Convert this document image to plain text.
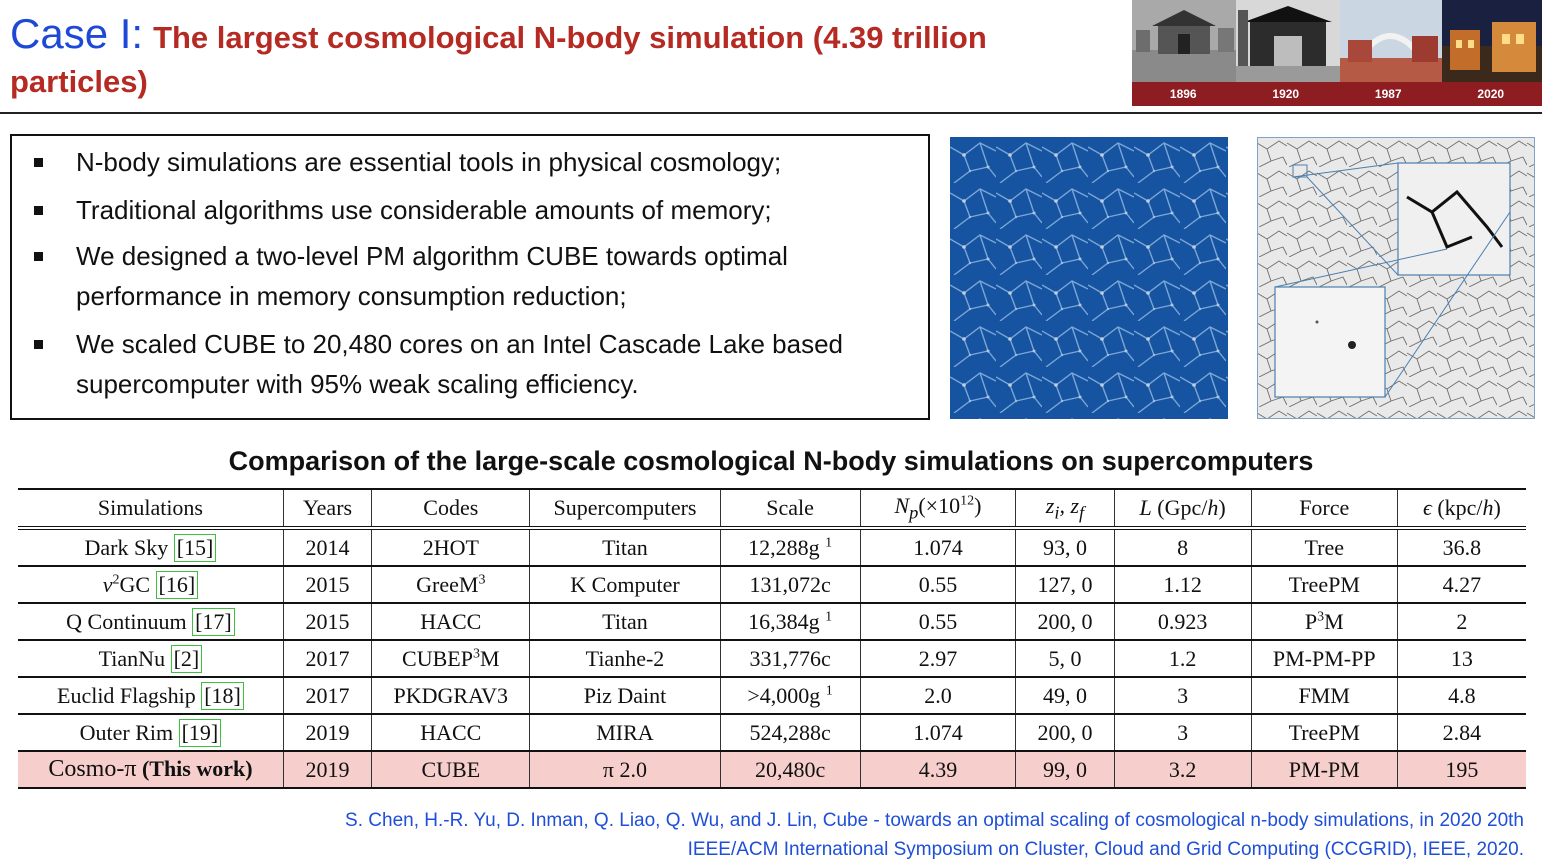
Case I: The largest cosmological N-body simulation (4.39 trillion
particles)	1896	1920	1987	2020
N-body simulations are essential tools in physical cosmology;
Traditional algorithms use considerable amounts of memory;
We designed a two-level PM algorithm CUBE towards optimal performance in memory consumption reduction;
We scaled CUBE to 20,480 cores on an Intel Cascade Lake based supercomputer with 95% weak scaling efficiency.
Comparison of the large-scale cosmological N-body simulations on supercomputers
Simulations	Years	Codes	Supercomputers	Scale	$N_p(\times 10^{12})$	$z_i$, $z_f$	L (Gpc/h)	Force	ϵ (kpc/h)
Dark Sky [15]	2014	2HOT	Titan	12,288g $^1$	1.074	93, 0	8	Tree	36.8
$\nu^2GC$ [16]	2015	GreeM$^3$	K Computer	131,072c	0.55	127, 0	1.12	TreePM	4.27
Q Continuum [17]	2015	HACC	Titan	16,384g $^1$	0.55	200, 0	0.923	$P^3M$	2
TianNu [2]	2017	CUBEP$^3$M	Tianhe-2	331,776c	2.97	5, 0	1.2	PM-PM-PP	13
Euclid Flagship [18]	2017	PKDGRAV3	Piz Daint	>4,000g $^1$	2.0	49, 0	3	FMM	4.8
Outer Rim [19]	2019	HACC	MIRA	524,288c	1.074	200, 0	3	TreePM	2.84
Cosmo-π (This work)	2019	CUBE	π 2.0	20,480c	4.39	99, 0	3.2	PM-PM	195
S. Chen, H.-R. Yu, D. Inman, Q. Liao, Q. Wu, and J. Lin, Cube - towards an optimal scaling of cosmological n-body simulations, in 2020 20th
IEEE/ACM International Symposium on Cluster, Cloud and Grid Computing (CCGRID), IEEE, 2020.
